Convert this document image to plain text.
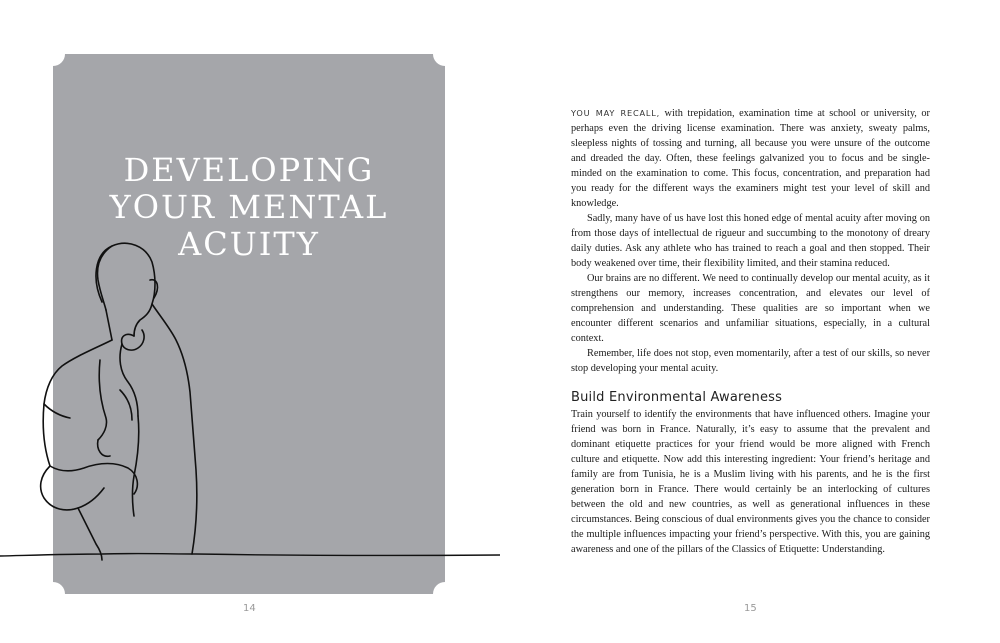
DEVELOPING
YOUR MENTAL
ACUITY
14

YOU MAY RECALL, with trepidation, examination time at school or university, or perhaps even the driving license examination. There was anxiety, sweaty palms, sleepless nights of tossing and turning, all because you were unsure of the outcome and dreaded the day. Often, these feelings galvanized you to focus and be single-minded on the examination to come. This focus, concentration, and preparation had you ready for the different ways the examiners might test your level of skill and knowledge.

Sadly, many have of us have lost this honed edge of mental acuity after moving on from those days of intellectual de rigueur and succumbing to the monotony of dreary daily duties. Ask any athlete who has trained to reach a goal and then stopped. Their body weakened over time, their flexibility limited, and their stamina reduced.

Our brains are no different. We need to continually develop our mental acuity, as it strengthens our memory, increases concentration, and elevates our level of comprehension and understanding. These qualities are so important when we encounter different scenarios and unfamiliar situations, especially, in a cultural context.

Remember, life does not stop, even momentarily, after a test of our skills, so never stop developing your mental acuity.

Build Environmental Awareness

Train yourself to identify the environments that have influenced others. Imagine your friend was born in France. Naturally, it’s easy to assume that the prevalent and dominant etiquette practices for your friend would be more aligned with French culture and etiquette. Now add this interesting ingredient: Your friend’s heritage and family are from Tunisia, he is a Muslim living with his parents, and he is the first generation born in France. There would certainly be an interlocking of cultures between the old and new countries, as well as generational influences in these circumstances. Being conscious of dual environments gives you the chance to consider the multiple influences impacting your friend’s perspective. With this, you are gaining awareness and one of the pillars of the Classics of Etiquette: Understanding.

15
